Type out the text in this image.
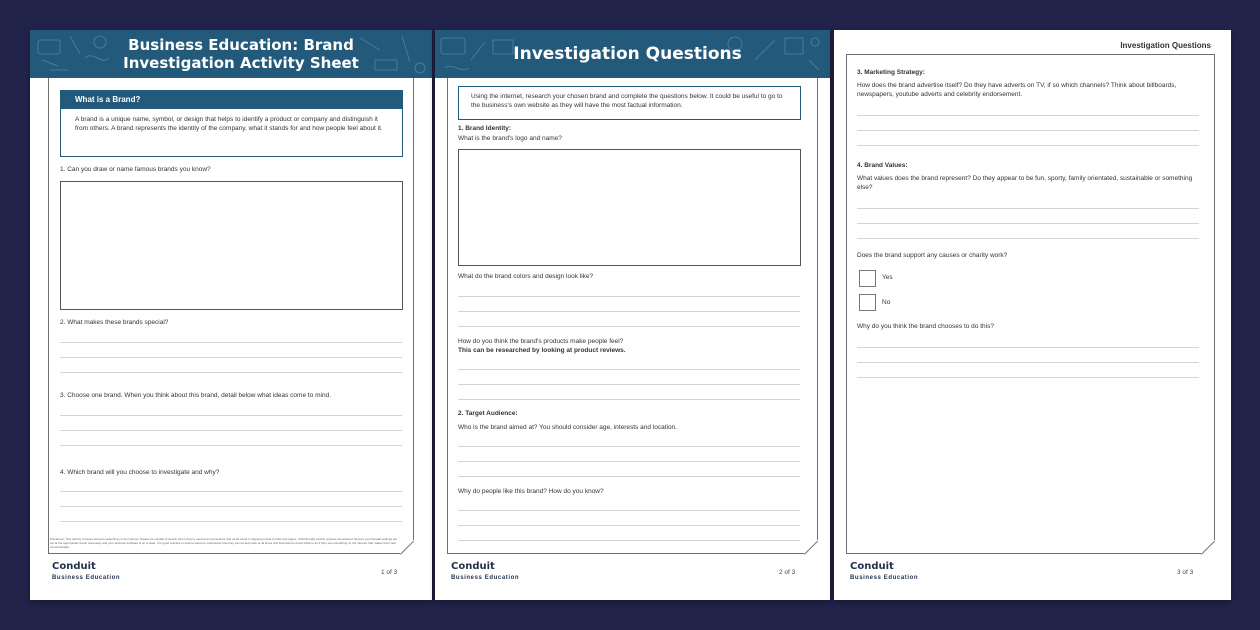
Business Education: Brand Investigation Activity Sheet
What is a Brand?
A brand is a unique name, symbol, or design that helps to identify a product or company and distinguish it from others. A brand represents the identity of the company, what it stands for and how people feel about it.
1. Can you draw or name famous brands you know?
2. What makes these brands special?
3. Choose one brand. When you think about this brand, detail below what ideas come to mind.
4. Which brand will you choose to investigate and why?
Disclaimer: This activity involves learners searching on the internet. Please be mindful of search terms they're used and connections that could result in stepping inside to links and pages. Child friendly search engines are advised. Ensure your firewall settings are set at the appropriate levels necessary and your antivirus software is up to date. It is good practice to ensure learners understand how they can be kept safe at all times and that learners know what to do if they see something on the internet that makes them feel uncomfortable.
Conduit
Business Education
1 of 3
Investigation Questions
Using the internet, research your chosen brand and complete the questions below. It could be useful to go to the business's own website as they will have the most factual information.
1. Brand Identity:
What is the brand's logo and name?
What do the brand colors and design look like?
How do you think the brand's products make people feel?
This can be researched by looking at product reviews.
2. Target Audience:
Who is the brand aimed at? You should consider age, interests and location.
Why do people like this brand? How do you know?
Conduit
Business Education
2 of 3
Investigation Questions
3. Marketing Strategy:
How does the brand advertise itself? Do they have adverts on TV, if so which channels? Think about billboards, newspapers, youtube adverts and celebrity endorsement.
4. Brand Values:
What values does the brand represent? Do they appear to be fun, sporty, family orientated, sustainable or something else?
Does the brand support any causes or charity work?
Yes
No
Why do you think the brand chooses to do this?
Conduit
Business Education
3 of 3
